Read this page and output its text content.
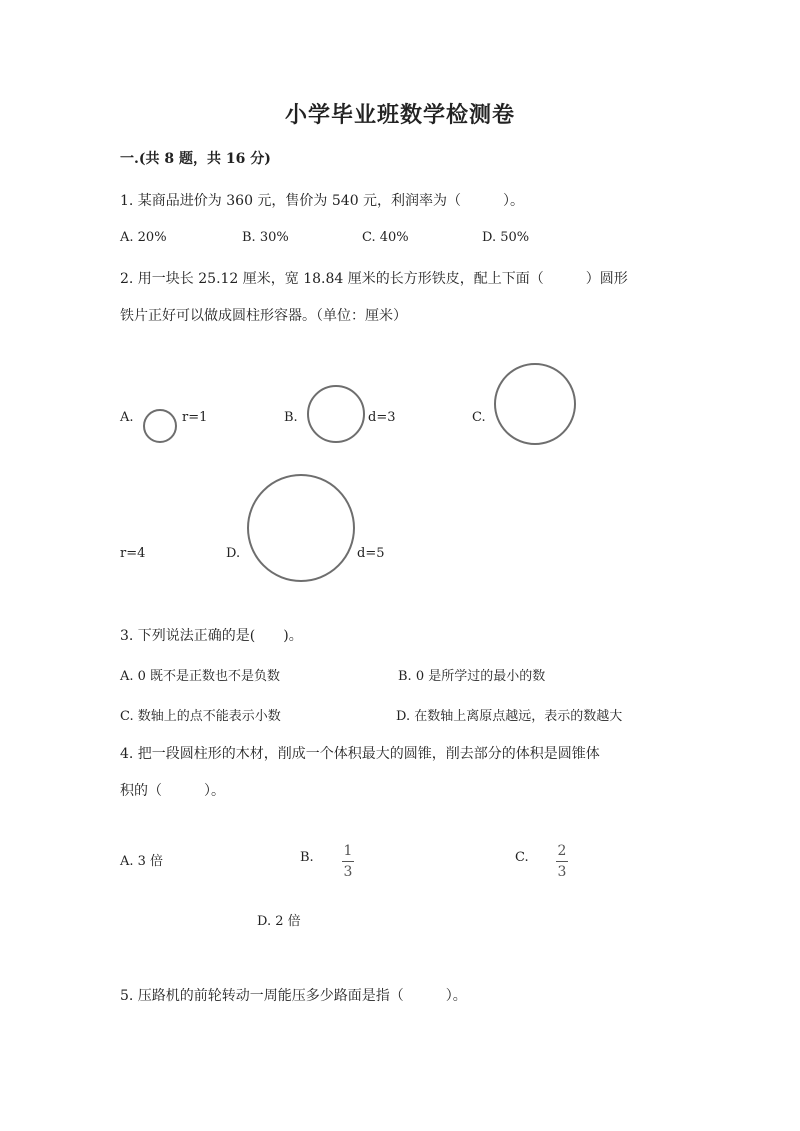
小学毕业班数学检测卷
一.(共 8 题，共 16 分)
1. 某商品进价为 360 元，售价为 540 元，利润率为（　　　）。
A. 20%	B. 30%	C. 40%	D. 50%
2. 用一块长 25.12 厘米，宽 18.84 厘米的长方形铁皮，配上下面（　　　）圆形
铁片正好可以做成圆柱形容器。（单位：厘米）
A.	r=1	B.	d=3	C.
r=4	D.	d=5
3. 下列说法正确的是(　　)。
A. 0 既不是正数也不是负数	B. 0 是所学过的最小的数
C. 数轴上的点不能表示小数	D. 在数轴上离原点越远，表示的数越大
4. 把一段圆柱形的木材，削成一个体积最大的圆锥，削去部分的体积是圆锥体
积的（　　　）。
A. 3 倍	B. 1
3
C. 2
3
D. 2 倍
5. 压路机的前轮转动一周能压多少路面是指（　　　）。
